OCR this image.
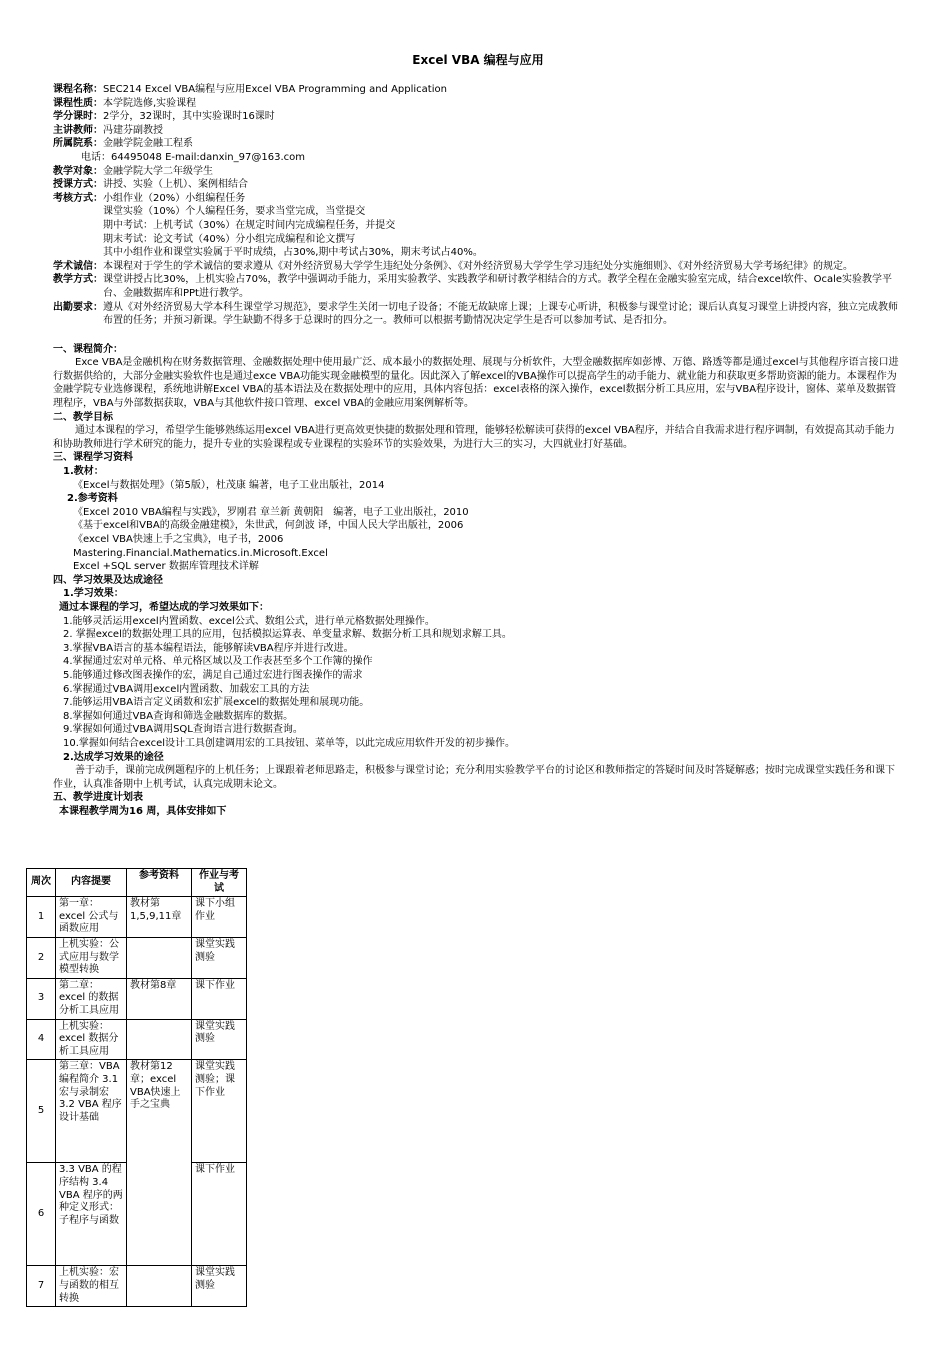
Excel VBA 编程与应用
课程名称： SEC214 Excel VBA编程与应用Excel VBA Programming and Application
课程性质： 本学院选修,实验课程
学分课时： 2学分，32课时，其中实验课时16课时
主讲教师： 冯建芬副教授
所属院系： 金融学院金融工程系
电话：64495048 E-mail:danxin_97@163.com
教学对象： 金融学院大学二年级学生
授课方式： 讲授、实验（上机）、案例相结合
考核方式： 小组作业（20%）小组编程任务
课堂实验（10%）个人编程任务，要求当堂完成，当堂提交
期中考试：上机考试（30%）在规定时间内完成编程任务，并提交
期末考试：论文考试（40%）分小组完成编程和论文撰写
其中小组作业和课堂实验属于平时成绩，占30%,期中考试占30%，期末考试占40%。
学术诚信： 本课程对于学生的学术诚信的要求遵从《对外经济贸易大学学生违纪处分条例》、《对外经济贸易大学学生学习违纪处分实施细则》、《对外经济贸易大学考场纪律》的规定。
教学方式： 课堂讲授占比30%，上机实验占70%，教学中强调动手能力，采用实验教学、实践教学和研讨教学相结合的方式。教学全程在金融实验室完成，结合excel软件、Ocale实验教学平台、金融数据库和PPt进行教学。
出勤要求： 遵从《对外经济贸易大学本科生课堂学习规范》，要求学生关闭一切电子设备；不能无故缺席上课；上课专心听讲，积极参与课堂讨论；课后认真复习课堂上讲授内容，独立完成教师布置的任务；并预习新课。学生缺勤不得多于总课时的四分之一。教师可以根据考勤情况决定学生是否可以参加考试、是否扣分。
一、课程简介：
Exce VBA是金融机构在财务数据管理、金融数据处理中使用最广泛、成本最小的数据处理、展现与分析软件，大型金融数据库如彭博、万德、路透等都是通过excel与其他程序语言接口进行数据供给的，大部分金融实验软件也是通过exce VBA功能实现金融模型的量化。因此深入了解excel的VBA操作可以提高学生的动手能力、就业能力和获取更多帮助资源的能力。本课程作为金融学院专业选修课程，系统地讲解Excel VBA的基本语法及在数据处理中的应用，具体内容包括：excel表格的深入操作，excel数据分析工具应用，宏与VBA程序设计，窗体、菜单及数据管理程序，VBA与外部数据获取，VBA与其他软件接口管理、excel VBA的金融应用案例解析等。
二、教学目标
通过本课程的学习，希望学生能够熟练运用excel VBA进行更高效更快捷的数据处理和管理，能够轻松解读可获得的excel VBA程序，并结合自我需求进行程序调制，有效提高其动手能力和协助教师进行学术研究的能力，提升专业的实验课程或专业课程的实验环节的实验效果，为进行大三的实习，大四就业打好基础。
三、课程学习资料
1.教材：
《Excel与数据处理》（第5版），杜茂康 编著，电子工业出版社，2014
2.参考资料
《Excel 2010 VBA编程与实践》，罗刚君 章兰新 黄朝阳　编著，电子工业出版社，2010
《基于excel和VBA的高级金融建模》，朱世武，何剑波 译，中国人民大学出版社，2006
《excel VBA快速上手之宝典》，电子书，2006
Mastering.Financial.Mathematics.in.Microsoft.Excel
Excel +SQL server 数据库管理技术详解
四、学习效果及达成途径
1.学习效果：
通过本课程的学习，希望达成的学习效果如下：
1.能够灵活运用excel内置函数、excel公式、数组公式，进行单元格数据处理操作。
2. 掌握excel的数据处理工具的应用，包括模拟运算表、单变量求解、数据分析工具和规划求解工具。
3.掌握VBA语言的基本编程语法，能够解读VBA程序并进行改进。
4.掌握通过宏对单元格、单元格区域以及工作表甚至多个工作簿的操作
5.能够通过修改图表操作的宏，满足自己通过宏进行图表操作的需求
6.掌握通过VBA调用excel内置函数、加载宏工具的方法
7.能够运用VBA语言定义函数和宏扩展excel的数据处理和展现功能。
8.掌握如何通过VBA查询和筛选金融数据库的数据。
9.掌握如何通过VBA调用SQL查询语言进行数据查询。
10.掌握如何结合excel设计工具创建调用宏的工具按钮、菜单等，以此完成应用软件开发的初步操作。
2.达成学习效果的途径
善于动手，课前完成例题程序的上机任务；上课跟着老师思路走，积极参与课堂讨论；充分利用实验教学平台的讨论区和教师指定的答疑时间及时答疑解惑；按时完成课堂实践任务和课下作业，认真准备期中上机考试，认真完成期末论文。
五、教学进度计划表
本课程教学周为16 周，具体安排如下
周次	内容提要	参考资料	作业与考试
1	第一章：excel 公式与函数应用	教材第1,5,9,11章	课下小组作业
2	上机实验：公式应用与数学模型转换		课堂实践测验
3	第二章：excel 的数据分析工具应用	教材第8章	课下作业
4	上机实验：excel 数据分析工具应用		课堂实践测验
5	第三章：VBA 编程简介 3.1 宏与录制宏 3.2 VBA 程序设计基础	教材第12章；excel VBA快速上手之宝典	课堂实践测验；课下作业
6	3.3 VBA 的程序结构 3.4 VBA 程序的两种定义形式：子程序与函数		课下作业
7	上机实验：宏与函数的相互转换		课堂实践测验
